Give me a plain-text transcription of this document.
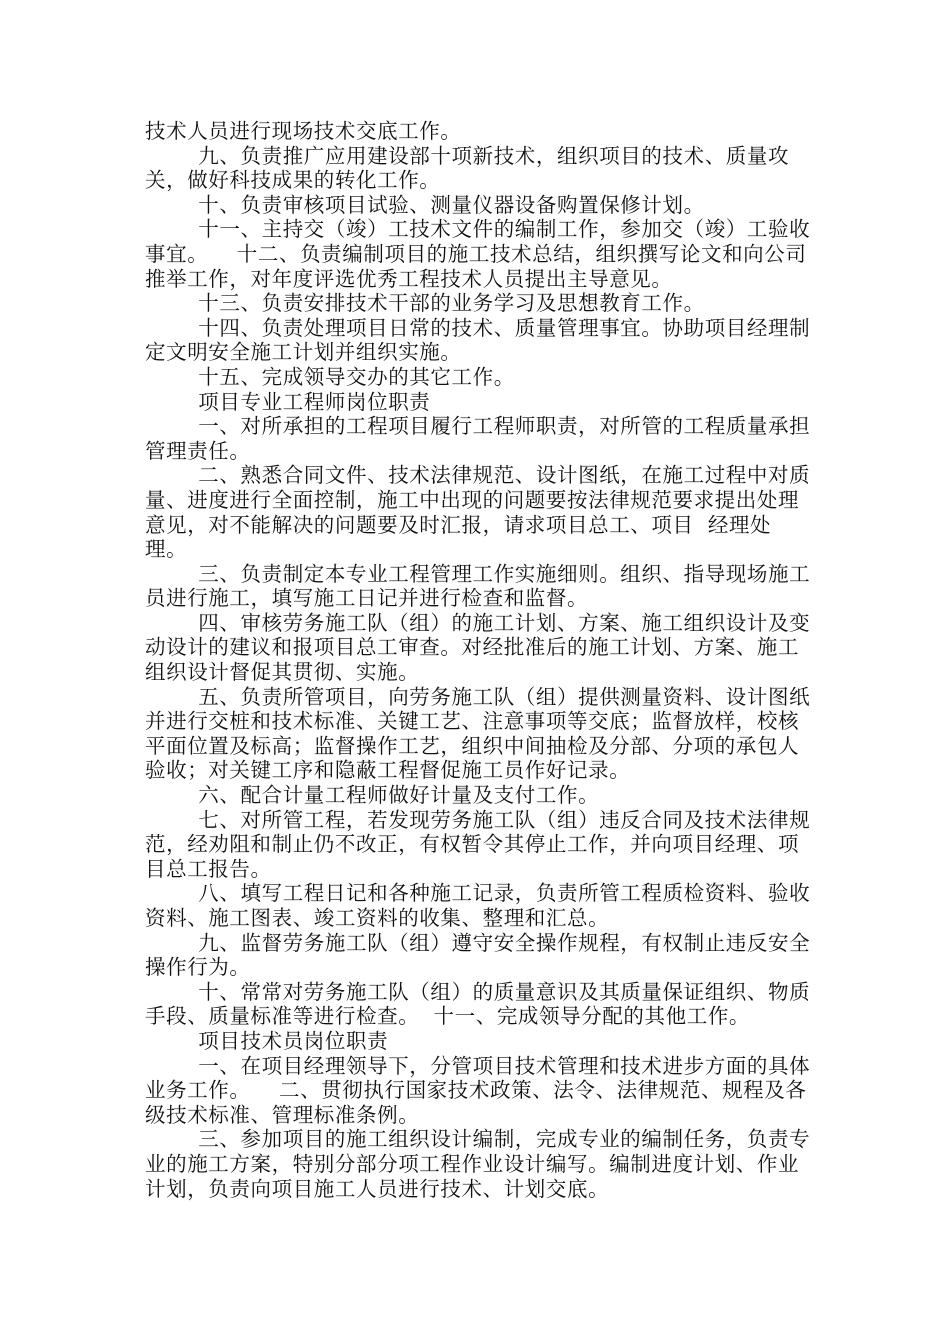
技术人员进行现场技术交底工作。

九、负责推广应用建设部十项新技术，组织项目的技术、质量攻关，做好科技成果的转化工作。

十、负责审核项目试验、测量仪器设备购置保修计划。

十一、主持交（竣）工技术文件的编制工作，参加交（竣）工验收事宜。    十二、负责编制项目的施工技术总结，组织撰写论文和向公司推举工作，对年度评选优秀工程技术人员提出主导意见。

十三、负责安排技术干部的业务学习及思想教育工作。

十四、负责处理项目日常的技术、质量管理事宜。协助项目经理制定文明安全施工计划并组织实施。

十五、完成领导交办的其它工作。

项目专业工程师岗位职责

一、对所承担的工程项目履行工程师职责，对所管的工程质量承担管理责任。

二、熟悉合同文件、技术法律规范、设计图纸，在施工过程中对质量、进度进行全面控制，施工中出现的问题要按法律规范要求提出处理意见，对不能解决的问题要及时汇报，请求项目总工、项目  经理处理。

三、负责制定本专业工程管理工作实施细则。组织、指导现场施工员进行施工，填写施工日记并进行检查和监督。

四、审核劳务施工队（组）的施工计划、方案、施工组织设计及变动设计的建议和报项目总工审查。对经批准后的施工计划、方案、施工组织设计督促其贯彻、实施。

五、负责所管项目，向劳务施工队（组）提供测量资料、设计图纸并进行交桩和技术标准、关键工艺、注意事项等交底；监督放样，校核平面位置及标高；监督操作工艺，组织中间抽检及分部、分项的承包人验收；对关键工序和隐蔽工程督促施工员作好记录。

六、配合计量工程师做好计量及支付工作。

七、对所管工程，若发现劳务施工队（组）违反合同及技术法律规范，经劝阻和制止仍不改正，有权暂令其停止工作，并向项目经理、项目总工报告。

八、填写工程日记和各种施工记录，负责所管工程质检资料、验收资料、施工图表、竣工资料的收集、整理和汇总。

九、监督劳务施工队（组）遵守安全操作规程，有权制止违反安全操作行为。

十、常常对劳务施工队（组）的质量意识及其质量保证组织、物质手段、质量标准等进行检查。  十一、完成领导分配的其他工作。

项目技术员岗位职责

一、在项目经理领导下，分管项目技术管理和技术进步方面的具体业务工作。    二、贯彻执行国家技术政策、法令、法律规范、规程及各级技术标准、管理标准条例。

三、参加项目的施工组织设计编制，完成专业的编制任务，负责专业的施工方案，特别分部分项工程作业设计编写。编制进度计划、作业计划，负责向项目施工人员进行技术、计划交底。
